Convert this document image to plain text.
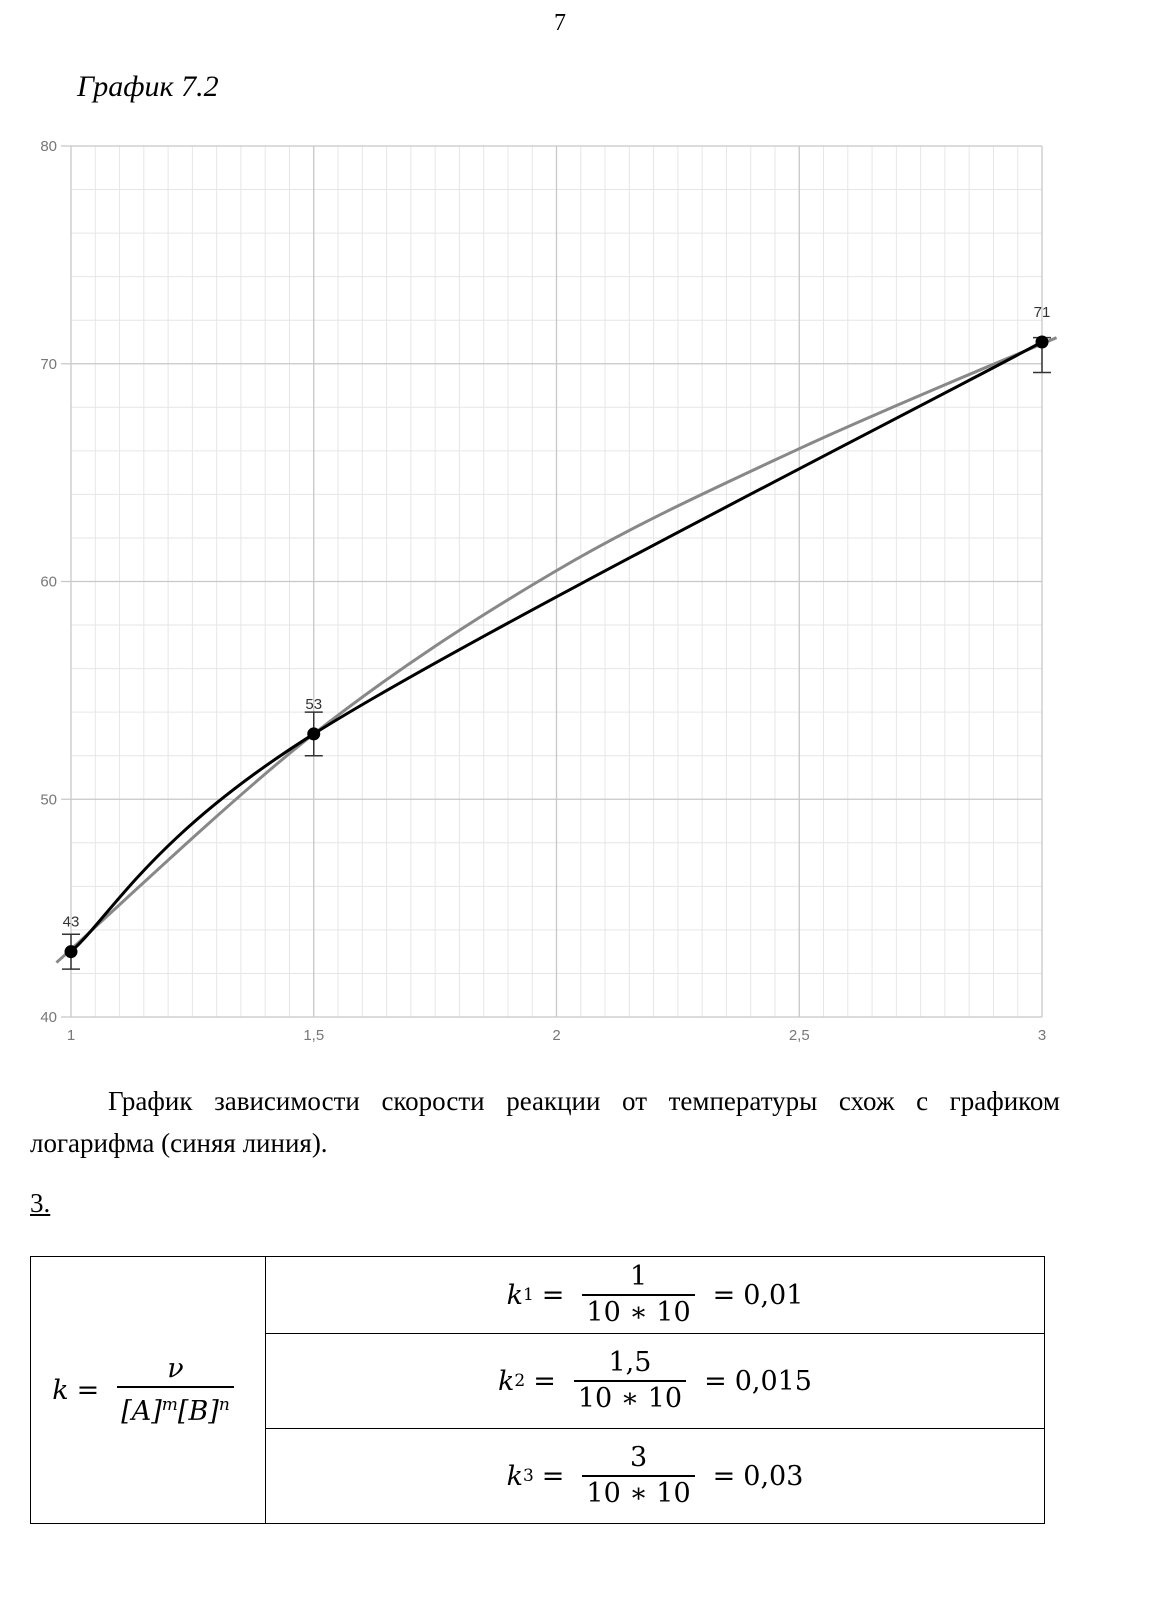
7
График 7.2
40
50
60
70
80
1	1,5	2	2,5	3
43
53
71

График зависимости скорости реакции от температуры схож с графиком логарифма (синяя линия).

3.
$k = \frac{\nu}{[A]^m[B]^n}$

k $1 = \frac{1}{10 ∗ 10} = 0,01$

k $2 = \frac{1,5}{10 ∗ 10} = 0,015$

k $3 = \frac{3}{10 ∗ 10} = 0,03$
